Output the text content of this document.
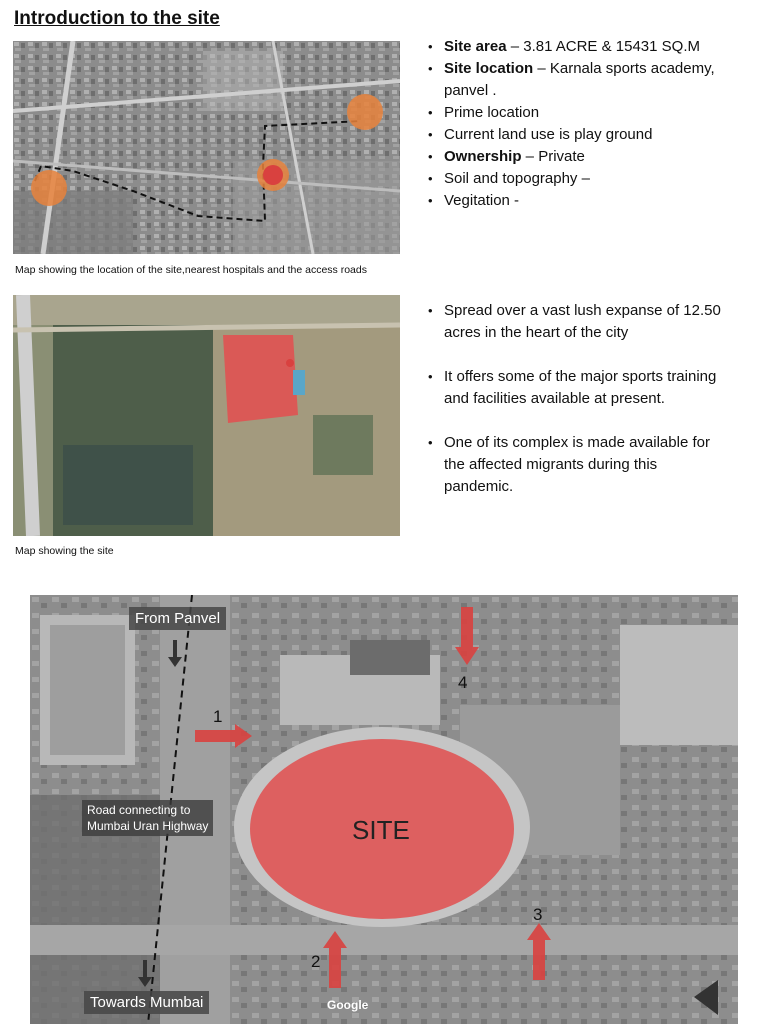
Introduction to the site
Map showing the location of the site,nearest hospitals and the access roads
• Site area – 3.81 ACRE & 15431 SQ.M
• Site location – Karnala sports academy, panvel .
• Prime location
• Current land use is play ground
• Ownership – Private
• Soil and topography –
• Vegitation -
Map showing the site
• Spread over a vast lush expanse of 12.50 acres in the heart of the city
• It offers some of the major sports training and facilities available at present.
• One of its complex is made available for the affected migrants during this pandemic.
From Panvel
Towards Mumbai
Road connecting to
Mumbai Uran Highway	SITE
1
2
3
4
Google
